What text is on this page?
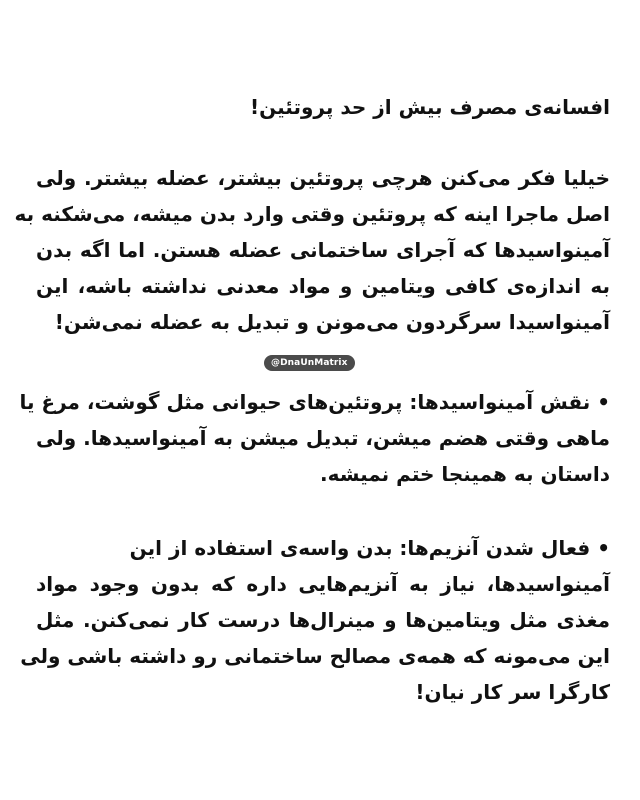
افسانه‌ی مصرف بیش از حد پروتئین!
خیلیا فکر می‌کنن هرچی پروتئین بیشتر، عضله بیشتر. ولی
اصل ماجرا اینه که پروتئین وقتی وارد بدن میشه، می‌شکنه به
آمینواسیدها که آجرای ساختمانی عضله هستن. اما اگه بدن
به اندازه‌ی کافی ویتامین و مواد معدنی نداشته باشه، این
آمینواسیدا سرگردون می‌مونن و تبدیل به عضله نمی‌شن!
@DnaUnMatrix
• نقش آمینواسیدها: پروتئین‌های حیوانی مثل گوشت، مرغ یا
ماهی وقتی هضم میشن، تبدیل میشن به آمینواسیدها. ولی
داستان به همینجا ختم نمیشه.
• فعال شدن آنزیم‌ها: بدن واسه‌ی استفاده از این
آمینواسیدها، نیاز به آنزیم‌هایی داره که بدون وجود مواد
مغذی مثل ویتامین‌ها و مینرال‌ها درست کار نمی‌کنن. مثل
این می‌مونه که همه‌ی مصالح ساختمانی رو داشته باشی ولی
کارگرا سر کار نیان!
